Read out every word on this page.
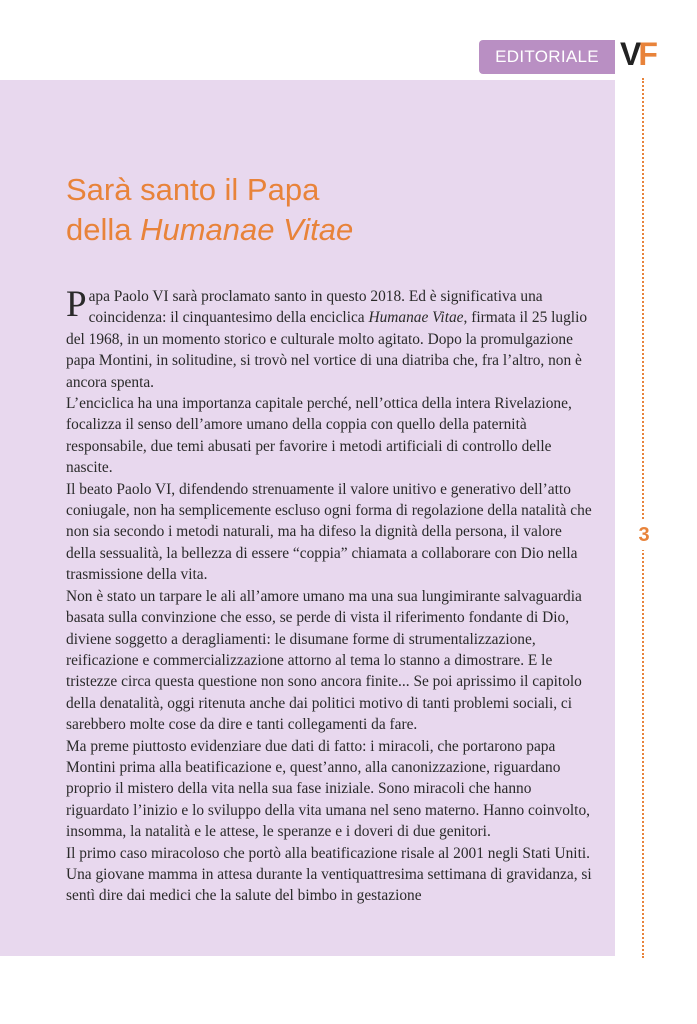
EDITORIALE VF
3
Sarà santo il Papa
della Humanae Vitae

Papa Paolo VI sarà proclamato santo in questo 2018. Ed è significativa una coincidenza: il cinquantesimo della enciclica Humanae Vitae, firmata il 25 luglio del 1968, in un momento storico e culturale molto agitato. Dopo la promulgazione papa Montini, in solitudine, si trovò nel vortice di una diatriba che, fra l’altro, non è ancora spenta.

L’enciclica ha una importanza capitale perché, nell’ottica della intera Rivelazione, focalizza il senso dell’amore umano della coppia con quello della paternità responsabile, due temi abusati per favorire i metodi artificiali di controllo delle nascite.

Il beato Paolo VI, difendendo strenuamente il valore unitivo e generativo dell’atto coniugale, non ha semplicemente escluso ogni forma di regolazione della natalità che non sia secondo i metodi naturali, ma ha difeso la dignità della persona, il valore della sessualità, la bellezza di essere “coppia” chiamata a collaborare con Dio nella trasmissione della vita.

Non è stato un tarpare le ali all’amore umano ma una sua lungimirante salvaguardia basata sulla convinzione che esso, se perde di vista il riferimento fondante di Dio, diviene soggetto a deragliamenti: le disumane forme di strumentalizzazione, reificazione e commercializzazione attorno al tema lo stanno a dimostrare. E le tristezze circa questa questione non sono ancora finite... Se poi aprissimo il capitolo della denatalità, oggi ritenuta anche dai politici motivo di tanti problemi sociali, ci sarebbero molte cose da dire e tanti collegamenti da fare.

Ma preme piuttosto evidenziare due dati di fatto: i miracoli, che portarono papa Montini prima alla beatificazione e, quest’anno, alla canonizzazione, riguardano proprio il mistero della vita nella sua fase iniziale. Sono miracoli che hanno riguardato l’inizio e lo sviluppo della vita umana nel seno materno. Hanno coinvolto, insomma, la natalità e le attese, le speranze e i doveri di due genitori.

Il primo caso miracoloso che portò alla beatificazione risale al 2001 negli Stati Uniti. Una giovane mamma in attesa durante la ventiquattresima settimana di gravidanza, si sentì dire dai medici che la salute del bimbo in gestazione
